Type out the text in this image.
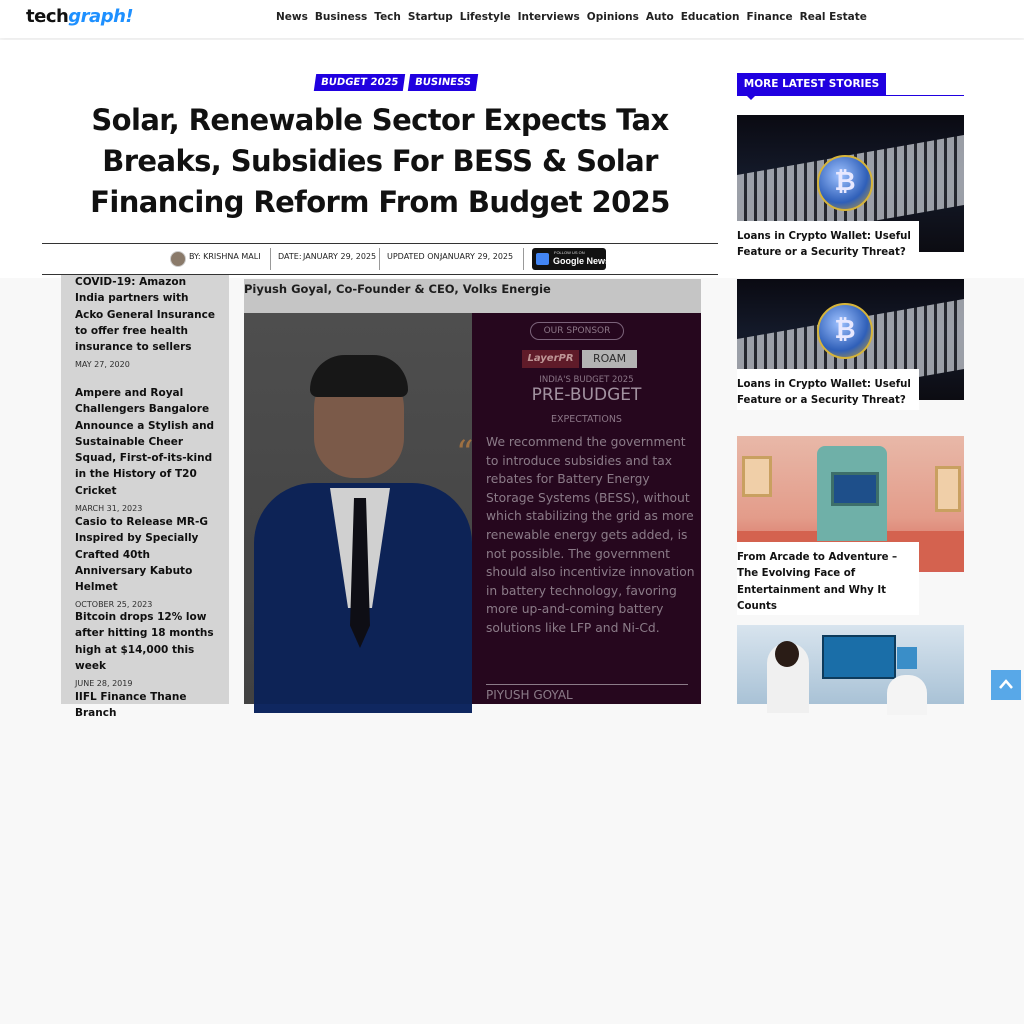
techgraph!	News Business Tech Startup Lifestyle Interviews Opinions Auto Education Finance Real Estate
BUDGET 2025	BUSINESS
Solar, Renewable Sector Expects Tax
Breaks, Subsidies For BESS & Solar
Financing Reform From Budget 2025
COVID-19: Amazon India partners with Acko General Insurance to offer free health insurance to sellers
MAY 27, 2020
Ampere and Royal Challengers Bangalore Announce a Stylish and Sustainable Cheer Squad, First-of-its-kind in the History of T20 Cricket
MARCH 31, 2023
Casio to Release MR-G Inspired by Specially Crafted 40th Anniversary Kabuto Helmet
OCTOBER 25, 2023
Bitcoin drops 12% low after hitting 18 months high at $14,000 this week
JUNE 28, 2019
IIFL Finance Thane Branch
Piyush Goyal, Co-Founder & CEO, Volks Energie
OUR SPONSOR
LayerPR	ROAM
INDIA'S BUDGET 2025
PRE-BUDGET
EXPECTATIONS
“ We recommend the government to introduce subsidies and tax rebates for Battery Energy Storage Systems (BESS), without which stabilizing the grid as more renewable energy gets added, is not possible. The government should also incentivize innovation in battery technology, favoring more up-and-coming battery solutions like LFP and Ni-Cd.
PIYUSH GOYAL
BY: KRISHNA MALI DATE: JANUARY 29, 2025 UPDATED ON:
JANUARY 29, 2025	FOLLOW US ON
Google News
MORE LATEST STORIES
₿
Loans in Crypto Wallet: Useful Feature or a Security Threat?
₿
Loans in Crypto Wallet: Useful Feature or a Security Threat?
From Arcade to Adventure – The Evolving Face of Entertainment and Why It Counts
